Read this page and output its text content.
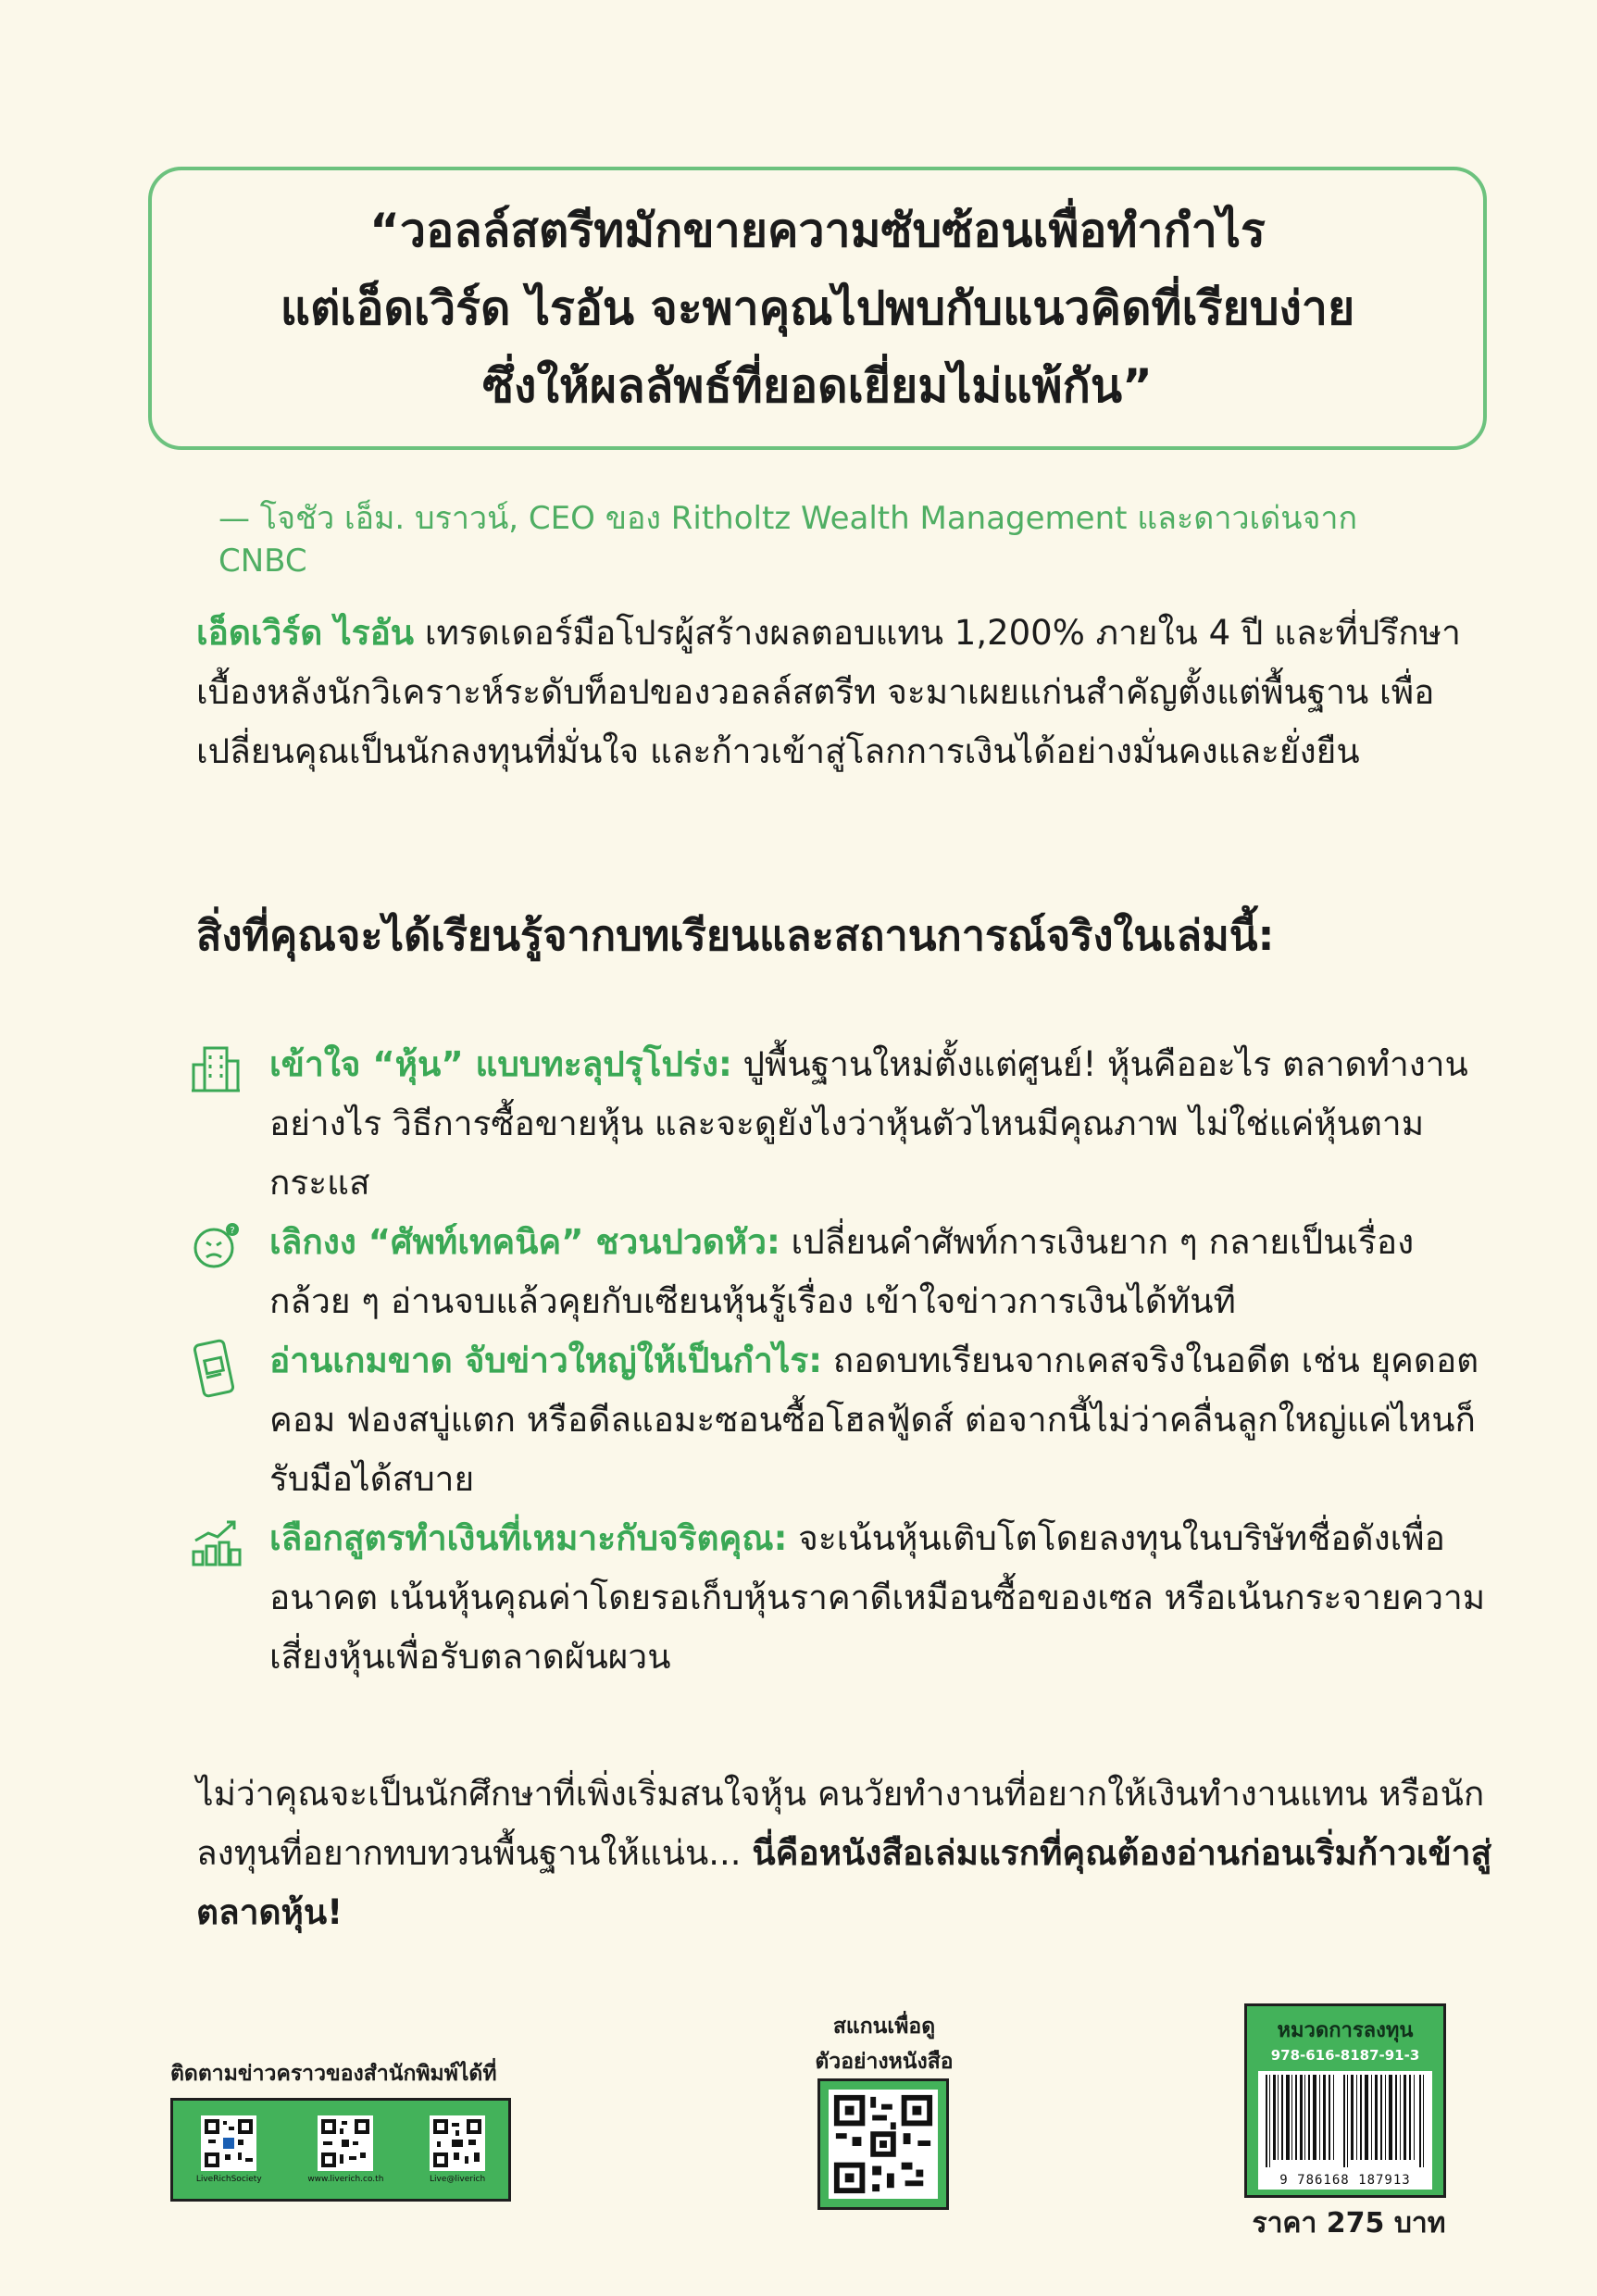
“วอลล์สตรีทมักขายความซับซ้อนเพื่อทำกำไร
แต่เอ็ดเวิร์ด ไรอัน จะพาคุณไปพบกับแนวคิดที่เรียบง่าย
ซึ่งให้ผลลัพธ์ที่ยอดเยี่ยมไม่แพ้กัน”
— โจชัว เอ็ม. บราวน์, CEO ของ Ritholtz Wealth Management และดาวเด่นจาก CNBC
เอ็ดเวิร์ด ไรอัน เทรดเดอร์มือโปรผู้สร้างผลตอบแทน 1,200% ภายใน 4 ปี และที่ปรึกษาเบื้องหลังนักวิเคราะห์ระดับท็อปของวอลล์สตรีท จะมาเผยแก่นสำคัญตั้งแต่พื้นฐาน เพื่อเปลี่ยนคุณเป็นนักลงทุนที่มั่นใจ และก้าวเข้าสู่โลกการเงินได้อย่างมั่นคงและยั่งยืน
สิ่งที่คุณจะได้เรียนรู้จากบทเรียนและสถานการณ์จริงในเล่มนี้:
เข้าใจ “หุ้น” แบบทะลุปรุโปร่ง: ปูพื้นฐานใหม่ตั้งแต่ศูนย์! หุ้นคืออะไร ตลาดทำงานอย่างไร วิธีการซื้อขายหุ้น และจะดูยังไงว่าหุ้นตัวไหนมีคุณภาพ ไม่ใช่แค่หุ้นตามกระแส
? เลิกงง “ศัพท์เทคนิค” ชวนปวดหัว: เปลี่ยนคำศัพท์การเงินยาก ๆ กลายเป็นเรื่องกล้วย ๆ อ่านจบแล้วคุยกับเซียนหุ้นรู้เรื่อง เข้าใจข่าวการเงินได้ทันที
อ่านเกมขาด จับข่าวใหญ่ให้เป็นกำไร: ถอดบทเรียนจากเคสจริงในอดีต เช่น ยุคดอตคอม ฟองสบู่แตก หรือดีลแอมะซอนซื้อโฮลฟู้ดส์ ต่อจากนี้ไม่ว่าคลื่นลูกใหญ่แค่ไหนก็รับมือได้สบาย
เลือกสูตรทำเงินที่เหมาะกับจริตคุณ: จะเน้นหุ้นเติบโตโดยลงทุนในบริษัทชื่อดังเพื่ออนาคต เน้นหุ้นคุณค่าโดยรอเก็บหุ้นราคาดีเหมือนซื้อของเซล หรือเน้นกระจายความเสี่ยงหุ้นเพื่อรับตลาดผันผวน
ไม่ว่าคุณจะเป็นนักศึกษาที่เพิ่งเริ่มสนใจหุ้น คนวัยทำงานที่อยากให้เงินทำงานแทน หรือนักลงทุนที่อยากทบทวนพื้นฐานให้แน่น... นี่คือหนังสือเล่มแรกที่คุณต้องอ่านก่อนเริ่มก้าวเข้าสู่ตลาดหุ้น!
ติดตามข่าวคราวของสำนักพิมพ์ได้ที่
LiveRichSociety	www.liverich.co.th	Live@liverich
สแกนเพื่อดู
ตัวอย่างหนังสือ
หมวดการลงทุน
978-616-8187-91-3
9 786168 187913
ราคา 275 บาท
